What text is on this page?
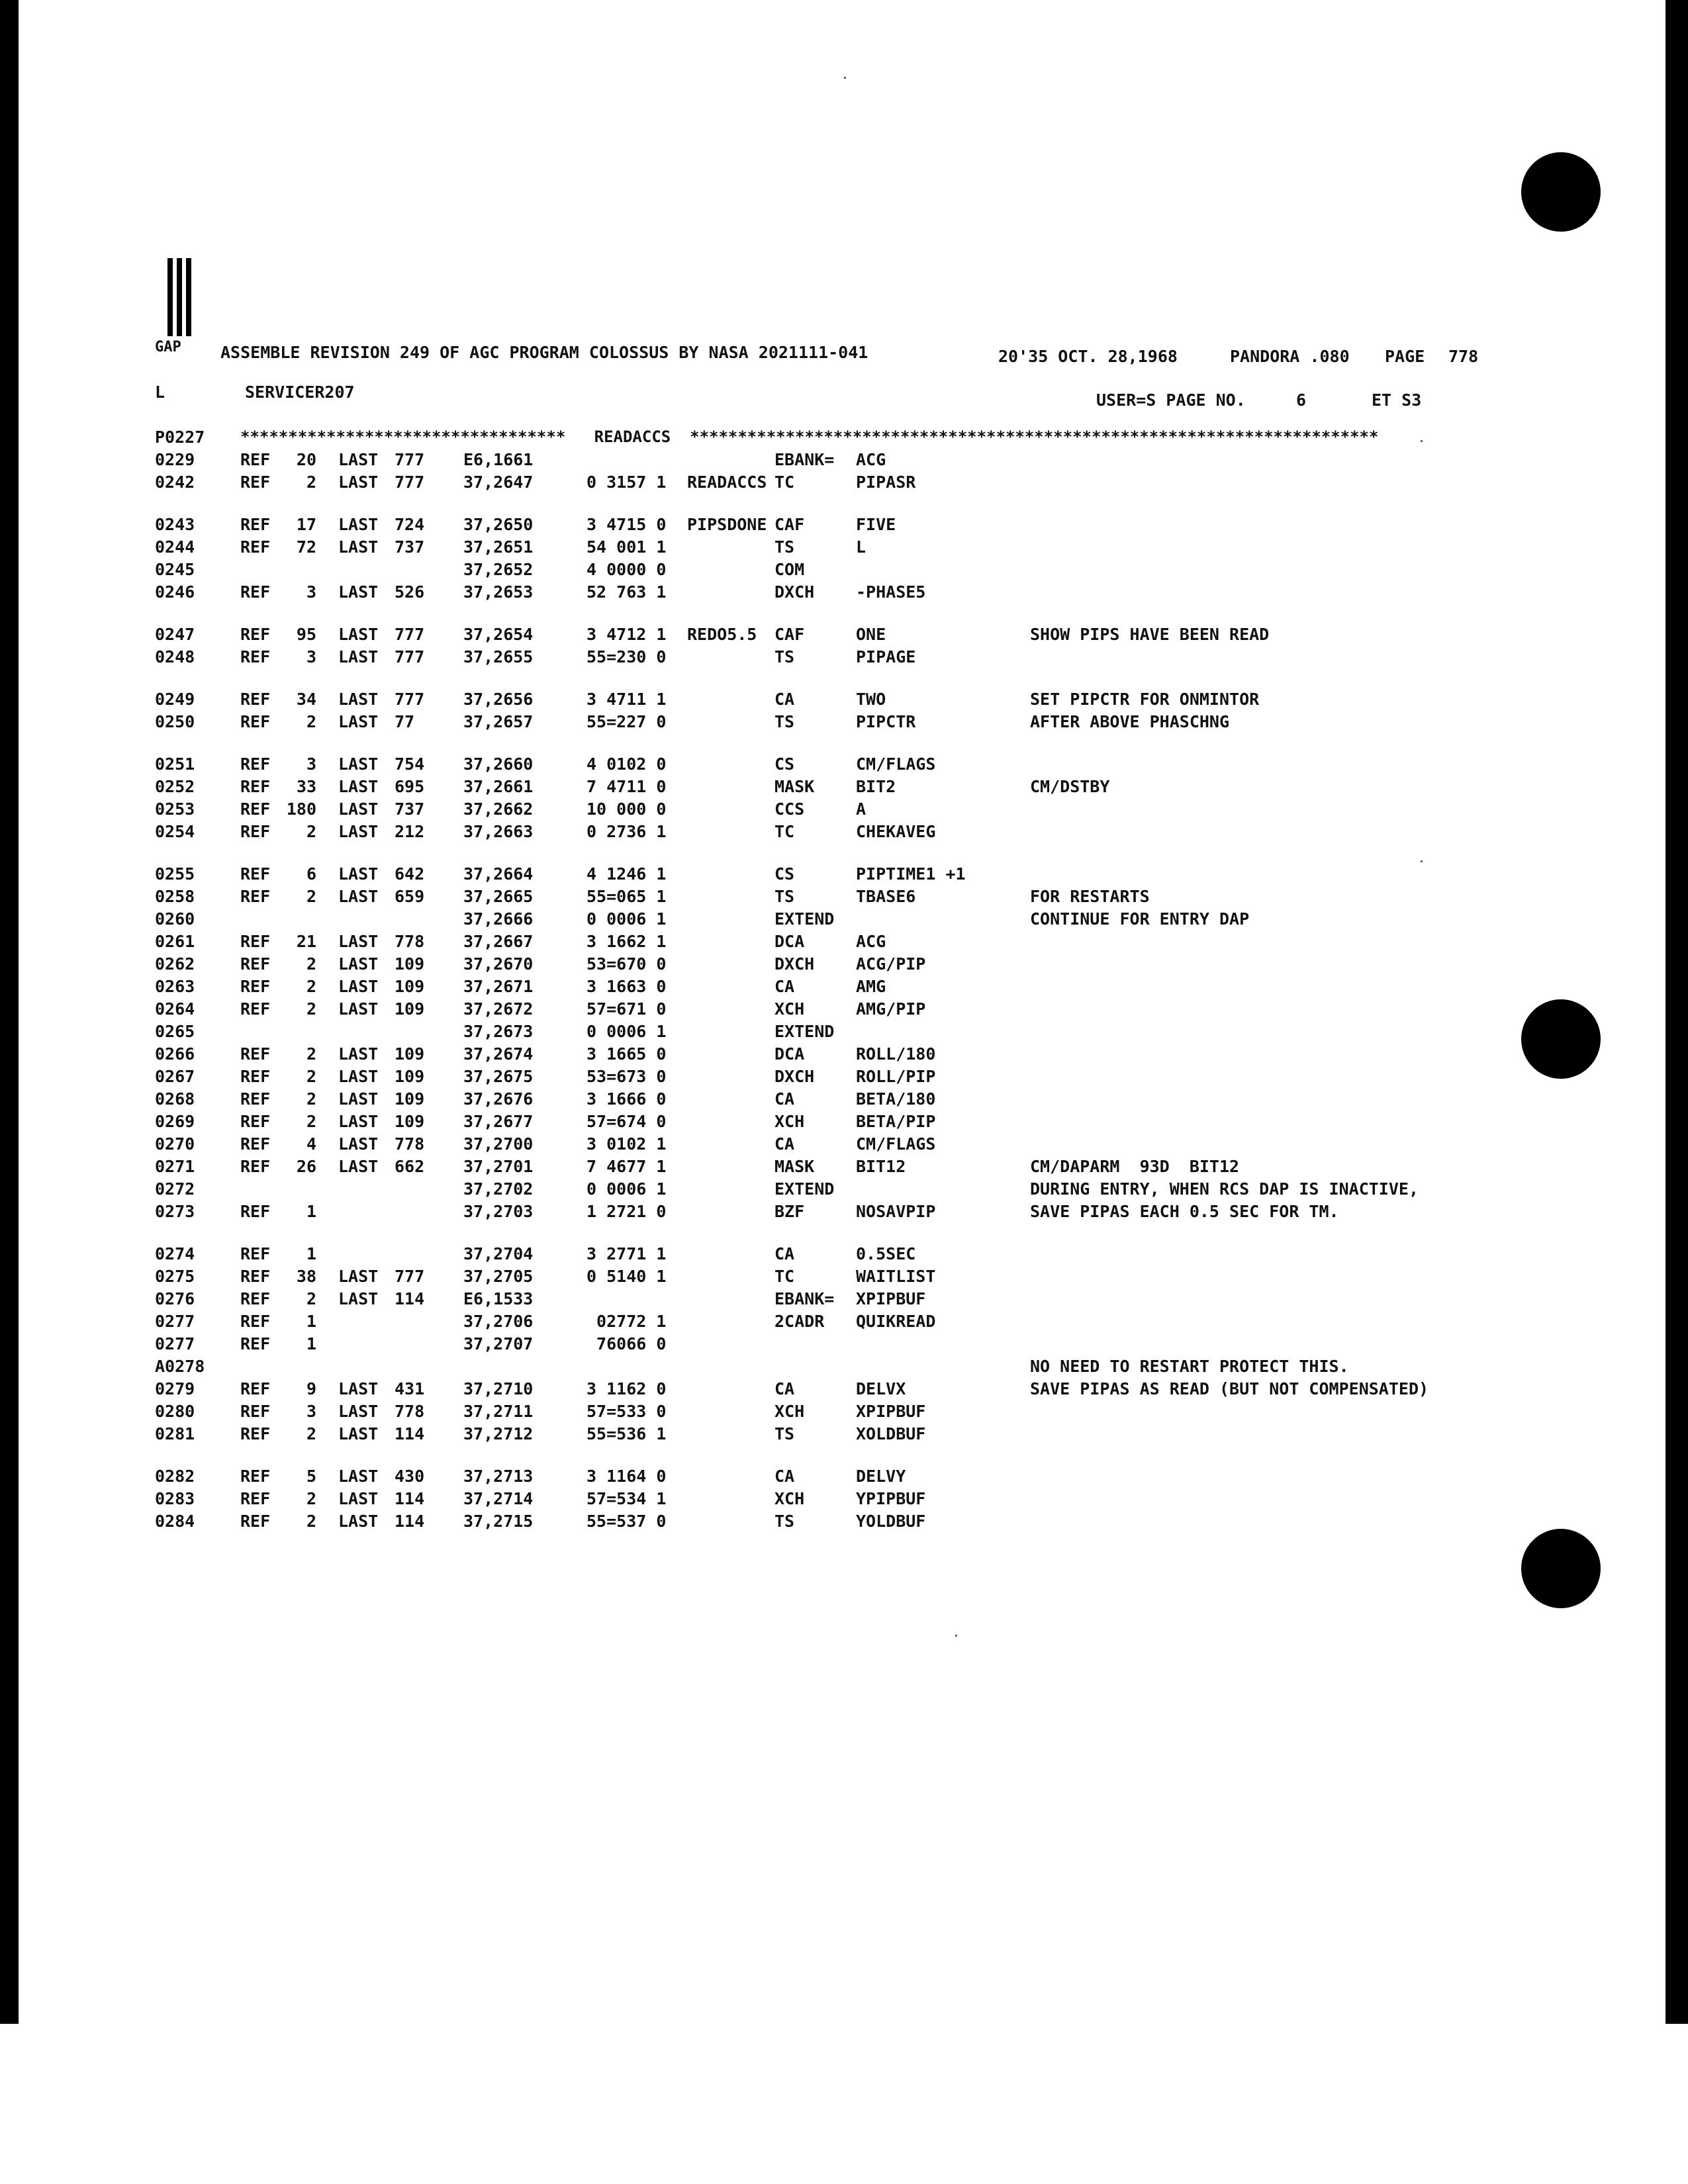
GAP

ASSEMBLE REVISION 249 OF AGC PROGRAM COLOSSUS BY NASA 2021111-041	20'35 OCT. 28,1968	PANDORA .080 PAGE 778
L	SERVICER207	USER=S PAGE NO.	6	ET S3
P0227 **********************************   READACCS  ************************************************************************
0229	REF	20 LAST 777 E6,1661	EBANK= ACG
0242	REF	2 LAST 777 37,2647	0 3157 1 READACCS TC	PIPASR
0243	REF	17 LAST 724 37,2650	3 4715 0 PIPSDONE CAF	FIVE
0244	REF	72 LAST 737 37,2651	54 001 1	TS	L
0245	37,2652	4 0000 0	COM
0246	REF	3 LAST 526 37,2653	52 763 1	DXCH	-PHASE5
0247	REF	95 LAST 777 37,2654	3 4712 1 REDO5.5 CAF	ONE	SHOW PIPS HAVE BEEN READ
0248	REF	3 LAST 777 37,2655	55=230 0	TS	PIPAGE
0249	REF	34 LAST 777 37,2656	3 4711 1	CA	TWO	SET PIPCTR FOR ONMINTOR
0250	REF	2 LAST 77	37,2657	55=227 0	TS	PIPCTR	AFTER ABOVE PHASCHNG
0251	REF	3 LAST 754 37,2660	4 0102 0	CS	CM/FLAGS
0252	REF	33 LAST 695 37,2661	7 4711 0	MASK	BIT2	CM/DSTBY
0253	REF 180 LAST 737 37,2662	10 000 0	CCS	A
0254	REF	2 LAST 212 37,2663	0 2736 1	TC	CHEKAVEG
0255	REF	6 LAST 642 37,2664	4 1246 1	CS	PIPTIME1 +1
0258	REF	2 LAST 659 37,2665	55=065 1	TS	TBASE6	FOR RESTARTS
0260	37,2666	0 0006 1	EXTEND	CONTINUE FOR ENTRY DAP
0261	REF	21 LAST 778 37,2667	3 1662 1	DCA	ACG
0262	REF	2 LAST 109 37,2670	53=670 0	DXCH	ACG/PIP
0263	REF	2 LAST 109 37,2671	3 1663 0	CA	AMG
0264	REF	2 LAST 109 37,2672	57=671 0	XCH	AMG/PIP
0265	37,2673	0 0006 1	EXTEND
0266	REF	2 LAST 109 37,2674	3 1665 0	DCA	ROLL/180
0267	REF	2 LAST 109 37,2675	53=673 0	DXCH	ROLL/PIP
0268	REF	2 LAST 109 37,2676	3 1666 0	CA	BETA/180
0269	REF	2 LAST 109 37,2677	57=674 0	XCH	BETA/PIP
0270	REF	4 LAST 778 37,2700	3 0102 1	CA	CM/FLAGS
0271	REF	26 LAST 662 37,2701	7 4677 1	MASK	BIT12	CM/DAPARM  93D  BIT12
0272	37,2702	0 0006 1	EXTEND	DURING ENTRY, WHEN RCS DAP IS INACTIVE,
0273	REF	1	37,2703	1 2721 0	BZF	NOSAVPIP	SAVE PIPAS EACH 0.5 SEC FOR TM.
0274	REF	1	37,2704	3 2771 1	CA	0.5SEC
0275	REF	38 LAST 777 37,2705	0 5140 1	TC	WAITLIST
0276	REF	2 LAST 114 E6,1533	EBANK= XPIPBUF
0277	REF	1	37,2706	02772 1	2CADR QUIKREAD
0277	REF	1	37,2707	76066 0
A0278	NO NEED TO RESTART PROTECT THIS.
0279	REF	9 LAST 431 37,2710	3 1162 0	CA	DELVX	SAVE PIPAS AS READ (BUT NOT COMPENSATED)
0280	REF	3 LAST 778 37,2711	57=533 0	XCH	XPIPBUF
0281	REF	2 LAST 114 37,2712	55=536 1	TS	XOLDBUF
0282	REF	5 LAST 430 37,2713	3 1164 0	CA	DELVY
0283	REF	2 LAST 114 37,2714	57=534 1	XCH	YPIPBUF
0284	REF	2 LAST 114 37,2715	55=537 0	TS	YOLDBUF
